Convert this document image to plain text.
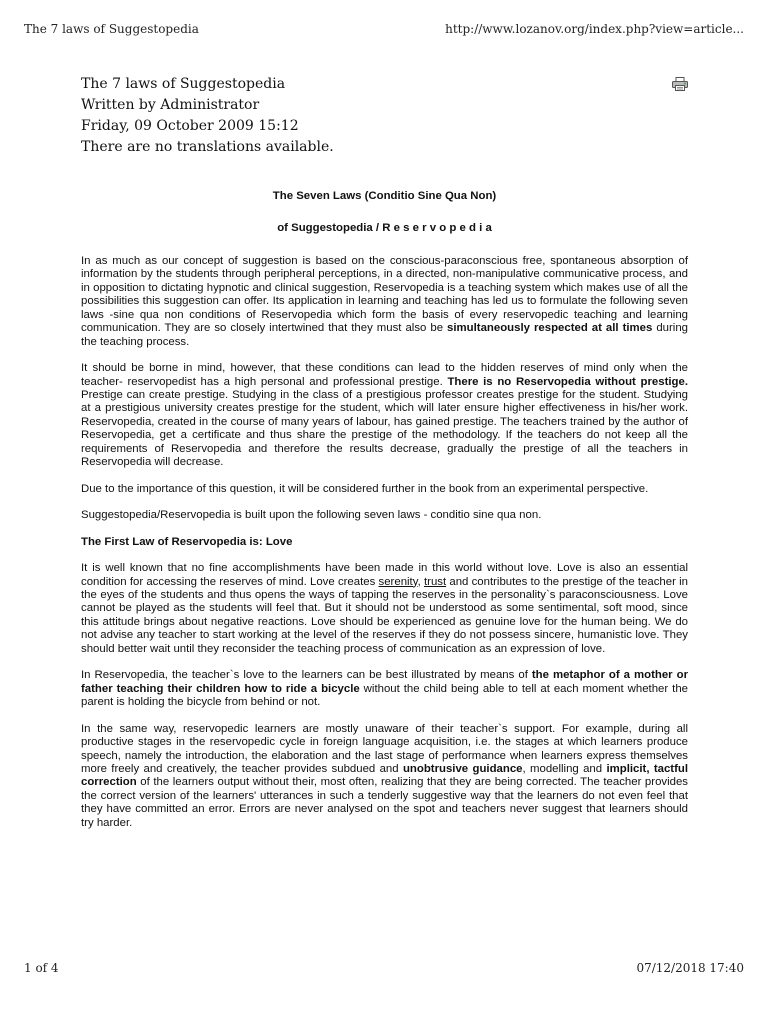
The 7 laws of Suggestopedia	http://www.lozanov.org/index.php?view=article...
The 7 laws of Suggestopedia
Written by Administrator
Friday, 09 October 2009 15:12
There are no translations available.

The Seven Laws (Conditio Sine Qua Non)

of Suggestopedia / R e s e r v o p e d i a

In as much as our concept of suggestion is based on the conscious-paraconscious free, spontaneous absorption of information by the students through peripheral perceptions, in a directed, non-manipulative communicative process, and in opposition to dictating hypnotic and clinical suggestion, Reservopedia is a teaching system which makes use of all the possibilities this suggestion can offer. Its application in learning and teaching has led us to formulate the following seven laws -sine qua non conditions of Reservopedia which form the basis of every reservopedic teaching and learning communication. They are so closely intertwined that they must also be simultaneously respected at all times during the teaching process.

It should be borne in mind, however, that these conditions can lead to the hidden reserves of mind only when the teacher- reservopedist has a high personal and professional prestige. There is no Reservopedia without prestige. Prestige can create prestige. Studying in the class of a prestigious professor creates prestige for the student. Studying at a prestigious university creates prestige for the student, which will later ensure higher effectiveness in his/her work. Reservopedia, created in the course of many years of labour, has gained prestige. The teachers trained by the author of Reservopedia, get a certificate and thus share the prestige of the methodology. If the teachers do not keep all the requirements of Reservopedia and therefore the results decrease, gradually the prestige of all the teachers in Reservopedia will decrease.

Due to the importance of this question, it will be considered further in the book from an experimental perspective.

Suggestopedia/Reservopedia is built upon the following seven laws - conditio sine qua non.

The First Law of Reservopedia is: Love

It is well known that no fine accomplishments have been made in this world without love. Love is also an essential condition for accessing the reserves of mind. Love creates serenity, trust and contributes to the prestige of the teacher in the eyes of the students and thus opens the ways of tapping the reserves in the personality`s paraconsciousness. Love cannot be played as the students will feel that. But it should not be understood as some sentimental, soft mood, since this attitude brings about negative reactions. Love should be experienced as genuine love for the human being. We do not advise any teacher to start working at the level of the reserves if they do not possess sincere, humanistic love. They should better wait until they reconsider the teaching process of communication as an expression of love.

In Reservopedia, the teacher`s love to the learners can be best illustrated by means of the metaphor of a mother or father teaching their children how to ride a bicycle without the child being able to tell at each moment whether the parent is holding the bicycle from behind or not.

In the same way, reservopedic learners are mostly unaware of their teacher`s support. For example, during all productive stages in the reservopedic cycle in foreign language acquisition, i.e. the stages at which learners produce speech, namely the introduction, the elaboration and the last stage of performance when learners express themselves more freely and creatively, the teacher provides subdued and unobtrusive guidance, modelling and implicit, tactful correction of the learners output without their, most often, realizing that they are being corrected. The teacher provides the correct version of the learners' utterances in such a tenderly suggestive way that the learners do not even feel that they have committed an error. Errors are never analysed on the spot and teachers never suggest that learners should try harder.

1 of 4	07/12/2018 17:40
